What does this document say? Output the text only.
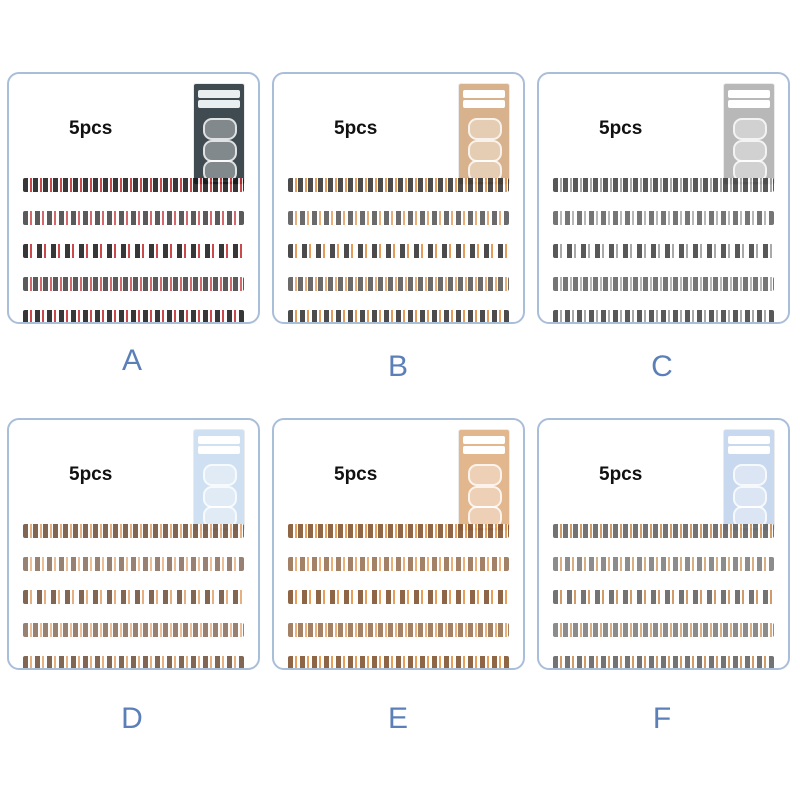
5pcs
A
5pcs
B
5pcs
C
5pcs
D
5pcs
E
5pcs
F
